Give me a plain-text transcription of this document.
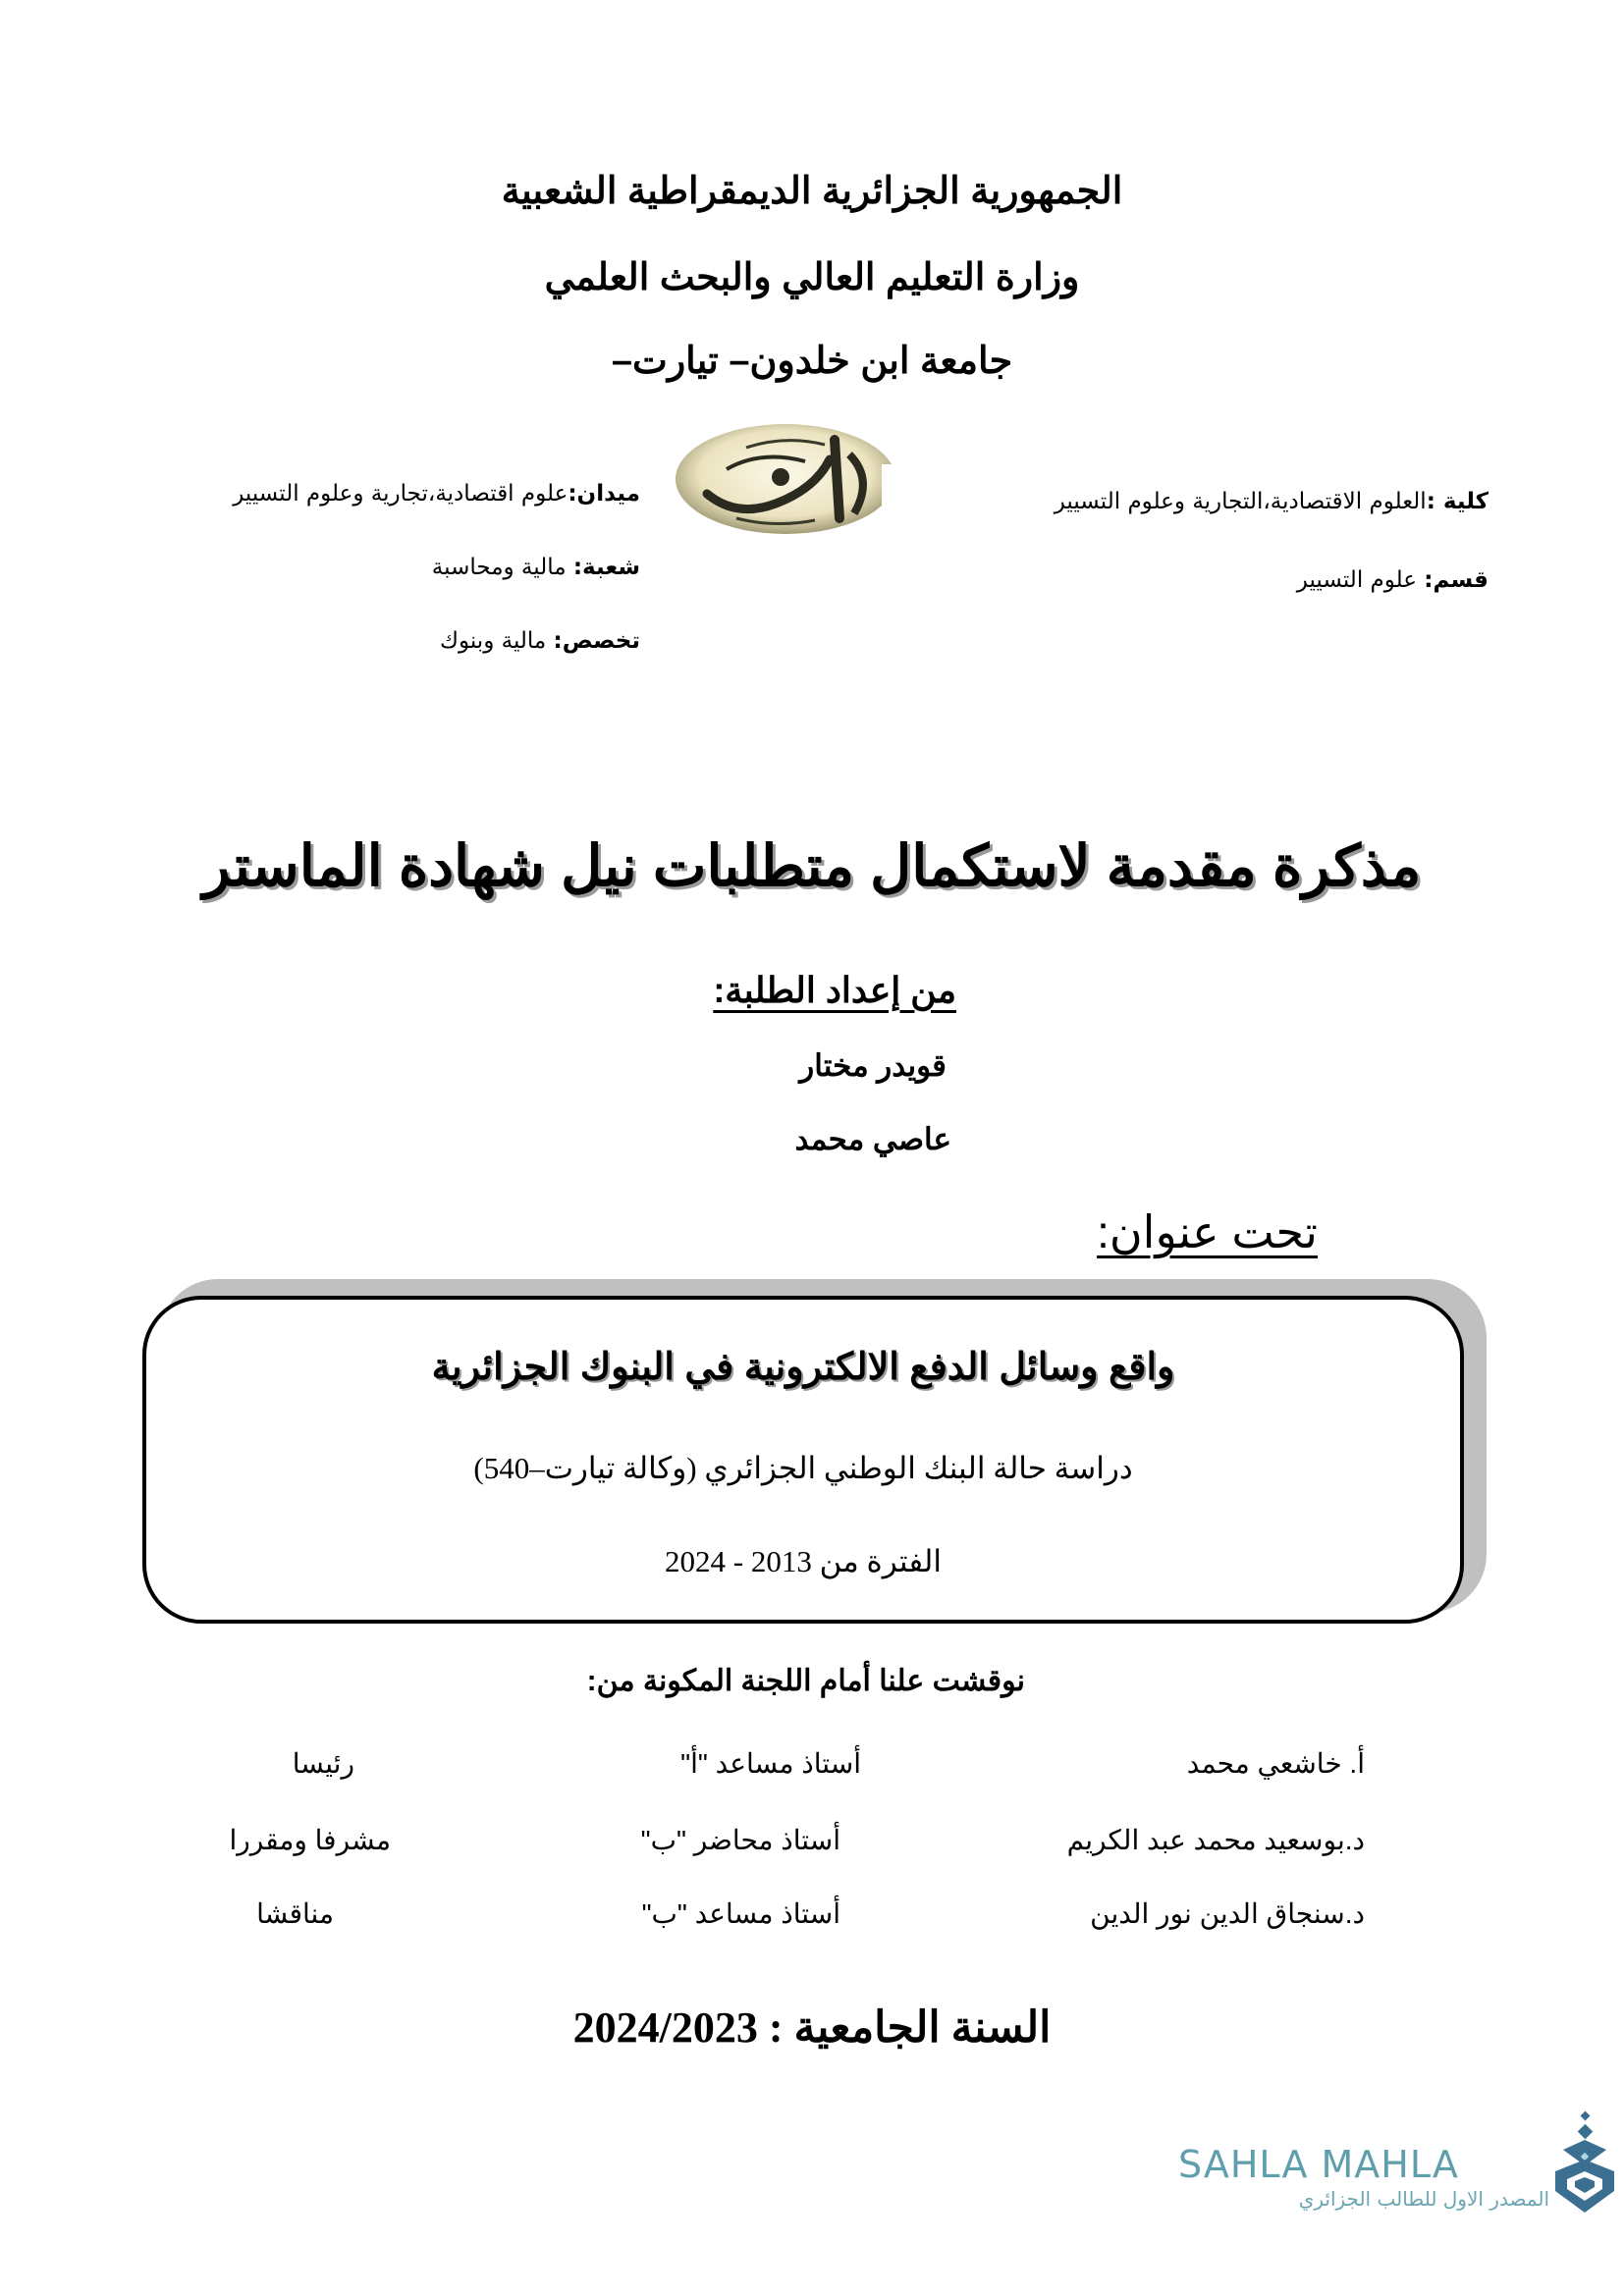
الجمهورية الجزائرية الديمقراطية الشعبية
وزارة التعليم العالي والبحث العلمي
جامعة ابن خلدون– تيارت–
كلية :العلوم الاقتصادية،التجارية وعلوم التسيير
قسم: علوم التسيير
ميدان:علوم اقتصادية،تجارية وعلوم التسيير
شعبة: مالية ومحاسبة
تخصص: مالية وبنوك
مذكرة مقدمة لاستكمال متطلبات نيل شهادة الماستر
من إعداد الطلبة:
قويدر مختار
عاصي محمد
تحت عنوان:
واقع وسائل الدفع الالكترونية في البنوك الجزائرية
دراسة حالة البنك الوطني الجزائري (وكالة تيارت–540)
الفترة من 2013 - 2024
نوقشت علنا أمام اللجنة المكونة من:
أ. خاشعي محمد
أستاذ مساعد "أ"
رئيسا
د.بوسعيد محمد عبد الكريم
أستاذ محاضر "ب"
مشرفا ومقررا
د.سنجاق الدين نور الدين
أستاذ مساعد "ب"
مناقشا
السنة الجامعية : 2024/2023
SAHLA MAHLA
المصدر الاول للطالب الجزائري
